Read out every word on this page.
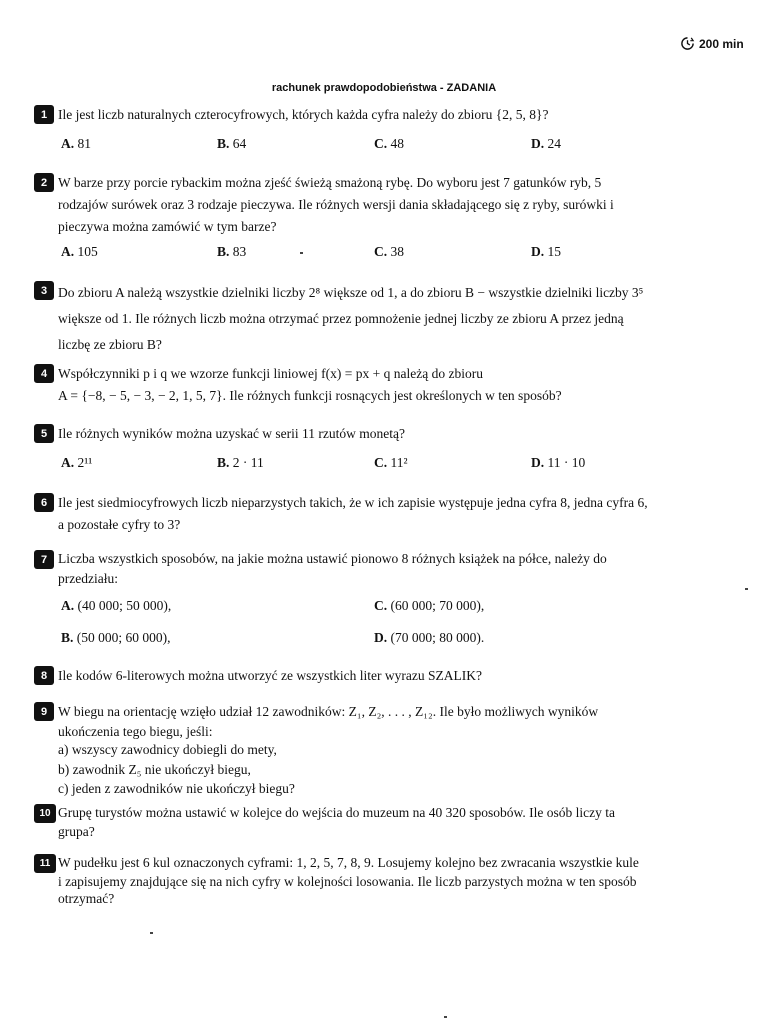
200 min
rachunek prawdopodobieństwa - ZADANIA
1 Ile jest liczb naturalnych czterocyfrowych, których każda cyfra należy do zbioru {2, 5, 8}?
A. 81	B. 64	C. 48	D. 24
2 W barze przy porcie rybackim można zjeść świeżą smażoną rybę. Do wyboru jest 7 gatunków ryb, 5
rodzajów surówek oraz 3 rodzaje pieczywa. Ile różnych wersji dania składającego się z ryby, surówki i
pieczywa można zamówić w tym barze?
A. 105	B. 83	C. 38	D. 15
3 Do zbioru A należą wszystkie dzielniki liczby 2⁸ większe od 1, a do zbioru B − wszystkie dzielniki liczby 3⁵
większe od 1. Ile różnych liczb można otrzymać przez pomnożenie jednej liczby ze zbioru A przez jedną
liczbę ze zbioru B?
4 Współczynniki p i q we wzorze funkcji liniowej f(x) = px + q należą do zbioru
A = {−8, − 5, − 3, − 2, 1, 5, 7}. Ile różnych funkcji rosnących jest określonych w ten sposób?
5 Ile różnych wyników można uzyskać w serii 11 rzutów monetą?
A. 2¹¹	B. 2 · 11	C. 11²	D. 11 · 10
6 Ile jest siedmiocyfrowych liczb nieparzystych takich, że w ich zapisie występuje jedna cyfra 8, jedna cyfra 6,
a pozostałe cyfry to 3?
7 Liczba wszystkich sposobów, na jakie można ustawić pionowo 8 różnych książek na półce, należy do
przedziału:
A. (40 000; 50 000),	C. (60 000; 70 000),
B. (50 000; 60 000),	D. (70 000; 80 000).
8 Ile kodów 6-literowych można utworzyć ze wszystkich liter wyrazu SZALIK?
9 W biegu na orientację wzięło udział 12 zawodników: Z₁, Z₂, . . . , Z₁₂. Ile było możliwych wyników
ukończenia tego biegu, jeśli:
a) wszyscy zawodnicy dobiegli do mety,
b) zawodnik Z₅ nie ukończył biegu,
c) jeden z zawodników nie ukończył biegu?
10 Grupę turystów można ustawić w kolejce do wejścia do muzeum na 40 320 sposobów. Ile osób liczy ta
grupa?
11 W pudełku jest 6 kul oznaczonych cyframi: 1, 2, 5, 7, 8, 9. Losujemy kolejno bez zwracania wszystkie kule
i zapisujemy znajdujące się na nich cyfry w kolejności losowania. Ile liczb parzystych można w ten sposób
otrzymać?
